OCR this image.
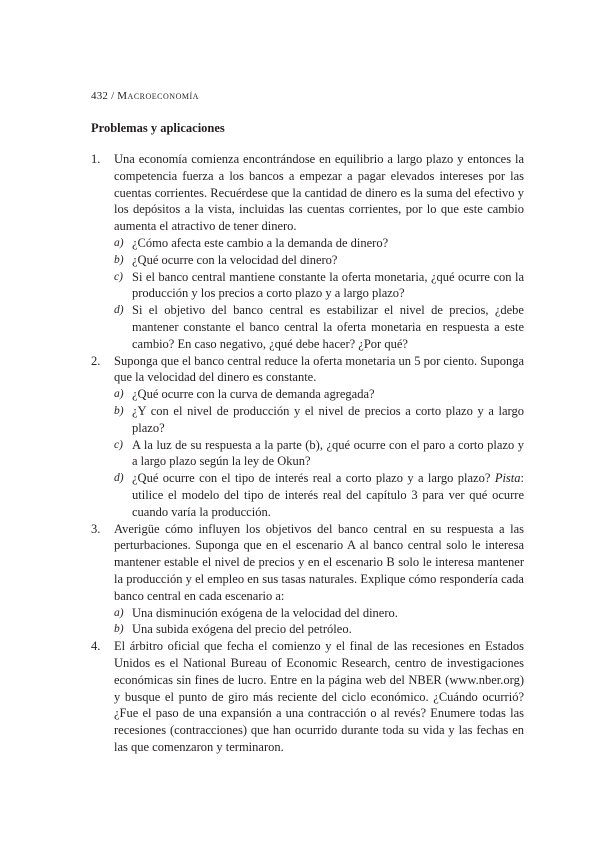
432 / Macroeconomía
Problemas y aplicaciones
1. Una economía comienza encontrándose en equilibrio a largo plazo y entonces la competencia fuerza a los bancos a empezar a pagar elevados intereses por las cuentas corrientes. Recuérdese que la cantidad de dinero es la suma del efectivo y los depósitos a la vista, incluidas las cuentas corrientes, por lo que este cambio aumenta el atractivo de tener dinero.
a) ¿Cómo afecta este cambio a la demanda de dinero?
b) ¿Qué ocurre con la velocidad del dinero?
c) Si el banco central mantiene constante la oferta monetaria, ¿qué ocurre con la producción y los precios a corto plazo y a largo plazo?
d) Si el objetivo del banco central es estabilizar el nivel de precios, ¿debe mantener constante el banco central la oferta monetaria en respuesta a este cambio? En caso negativo, ¿qué debe hacer? ¿Por qué?
2. Suponga que el banco central reduce la oferta monetaria un 5 por ciento. Suponga que la velocidad del dinero es constante.
a) ¿Qué ocurre con la curva de demanda agregada?
b) ¿Y con el nivel de producción y el nivel de precios a corto plazo y a largo plazo?
c) A la luz de su respuesta a la parte (b), ¿qué ocurre con el paro a corto plazo y a largo plazo según la ley de Okun?
d) ¿Qué ocurre con el tipo de interés real a corto plazo y a largo plazo? Pista: utilice el modelo del tipo de interés real del capítulo 3 para ver qué ocurre cuando varía la producción.
3. Averigüe cómo influyen los objetivos del banco central en su respuesta a las perturbaciones. Suponga que en el escenario A al banco central solo le interesa mantener estable el nivel de precios y en el escenario B solo le interesa mantener la producción y el empleo en sus tasas naturales. Explique cómo respondería cada banco central en cada escenario a:
a) Una disminución exógena de la velocidad del dinero.
b) Una subida exógena del precio del petróleo.
4. El árbitro oficial que fecha el comienzo y el final de las recesiones en Estados Unidos es el National Bureau of Economic Research, centro de investigaciones económicas sin fines de lucro. Entre en la página web del NBER (www.nber.org) y busque el punto de giro más reciente del ciclo económico. ¿Cuándo ocurrió? ¿Fue el paso de una expansión a una contracción o al revés? Enumere todas las recesiones (contracciones) que han ocurrido durante toda su vida y las fechas en las que comenzaron y terminaron.
